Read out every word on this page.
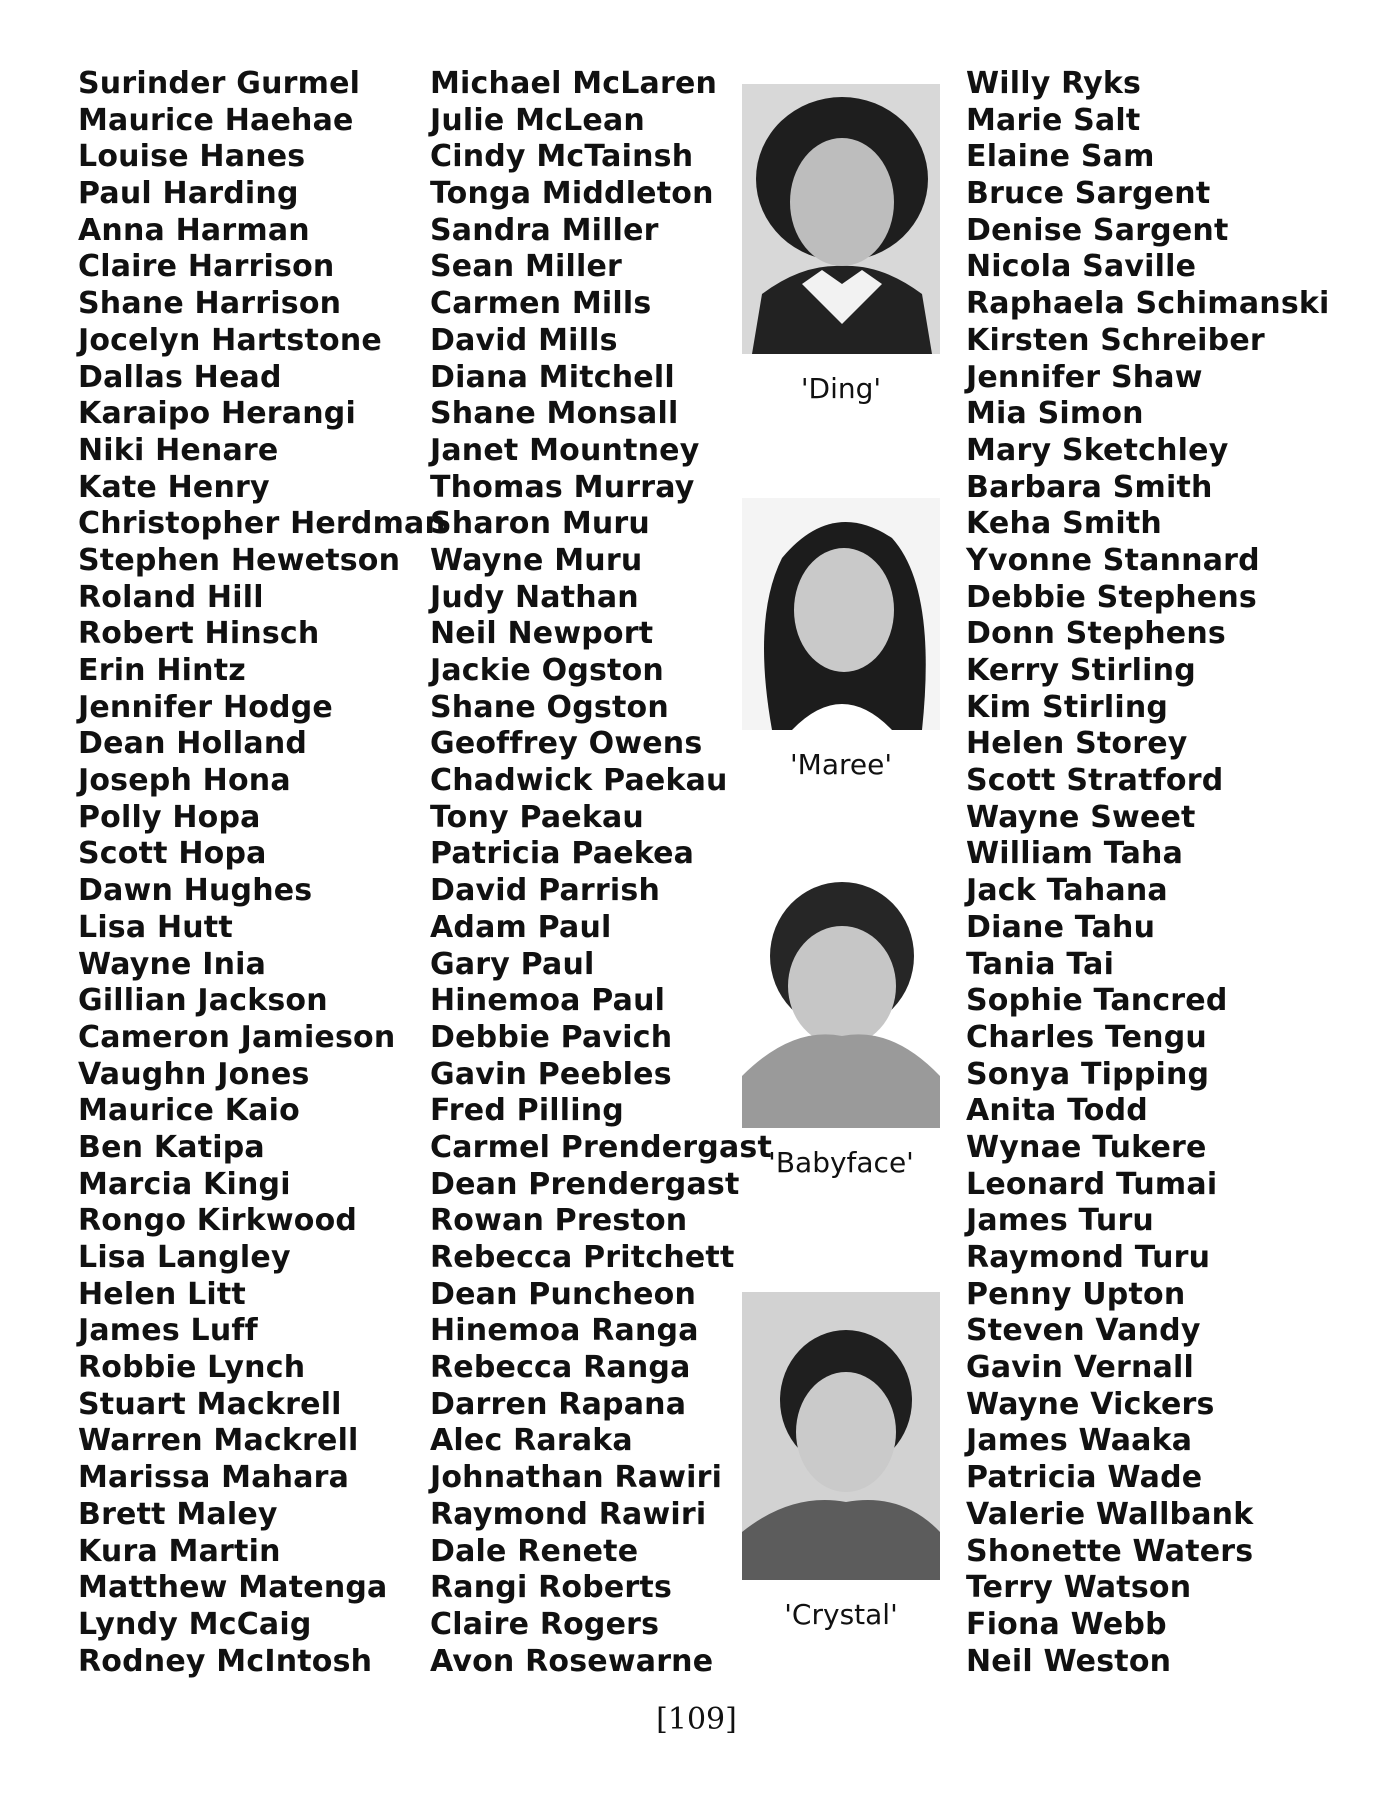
Surinder Gurmel
Maurice Haehae
Louise Hanes
Paul Harding
Anna Harman
Claire Harrison
Shane Harrison
Jocelyn Hartstone
Dallas Head
Karaipo Herangi
Niki Henare
Kate Henry
Christopher Herdman
Stephen Hewetson
Roland Hill
Robert Hinsch
Erin Hintz
Jennifer Hodge
Dean Holland
Joseph Hona
Polly Hopa
Scott Hopa
Dawn Hughes
Lisa Hutt
Wayne Inia
Gillian Jackson
Cameron Jamieson
Vaughn Jones
Maurice Kaio
Ben Katipa
Marcia Kingi
Rongo Kirkwood
Lisa Langley
Helen Litt
James Luff
Robbie Lynch
Stuart Mackrell
Warren Mackrell
Marissa Mahara
Brett Maley
Kura Martin
Matthew Matenga
Lyndy McCaig
Rodney McIntosh
Michael McLaren
Julie McLean
Cindy McTainsh
Tonga Middleton
Sandra Miller
Sean Miller
Carmen Mills
David Mills
Diana Mitchell
Shane Monsall
Janet Mountney
Thomas Murray
Sharon Muru
Wayne Muru
Judy Nathan
Neil Newport
Jackie Ogston
Shane Ogston
Geoffrey Owens
Chadwick Paekau
Tony Paekau
Patricia Paekea
David Parrish
Adam Paul
Gary Paul
Hinemoa Paul
Debbie Pavich
Gavin Peebles
Fred Pilling
Carmel Prendergast
Dean Prendergast
Rowan Preston
Rebecca Pritchett
Dean Puncheon
Hinemoa Ranga
Rebecca Ranga
Darren Rapana
Alec Raraka
Johnathan Rawiri
Raymond Rawiri
Dale Renete
Rangi Roberts
Claire Rogers
Avon Rosewarne
Willy Ryks
Marie Salt
Elaine Sam
Bruce Sargent
Denise Sargent
Nicola Saville
Raphaela Schimanski
Kirsten Schreiber
Jennifer Shaw
Mia Simon
Mary Sketchley
Barbara Smith
Keha Smith
Yvonne Stannard
Debbie Stephens
Donn Stephens
Kerry Stirling
Kim Stirling
Helen Storey
Scott Stratford
Wayne Sweet
William Taha
Jack Tahana
Diane Tahu
Tania Tai
Sophie Tancred
Charles Tengu
Sonya Tipping
Anita Todd
Wynae Tukere
Leonard Tumai
James Turu
Raymond Turu
Penny Upton
Steven Vandy
Gavin Vernall
Wayne Vickers
James Waaka
Patricia Wade
Valerie Wallbank
Shonette Waters
Terry Watson
Fiona Webb
Neil Weston
'Ding'
'Maree'
'Babyface'
'Crystal'
[109]
